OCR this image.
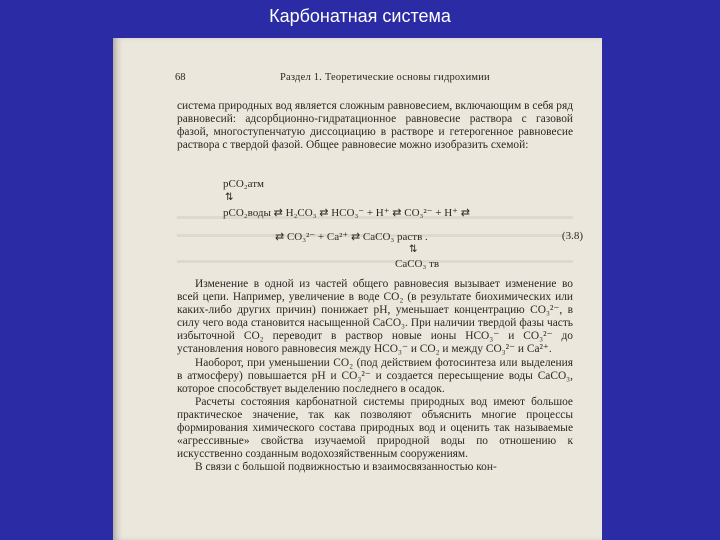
Карбонатная система
68	Раздел 1. Теоретические основы гидрохимии

системa природных вод является сложным равновесием, включающим в себя ряд равновесий: адсорбционно-гидратационное равновесие раствора с газовой фазой, многоступенчатую диссоциацию в растворе и гетерогенное равновесие раствора с твердой фазой. Общее равновесие можно изобразить схемой:

pCO₂атм
⇅
pCO₂воды ⇄ H₂CO₃ ⇄ HCO₃⁻ + H⁺ ⇄ CO₃²⁻ + H⁺ ⇄
⇄ CO₃²⁻ + Ca²⁺ ⇄ CaCO₃ раств .
⇅
CaCO₃ тв
(3.8)

Изменение в одной из частей общего равновесия вызывает изменение во всей цепи. Например, увеличение в воде CO₂ (в результате биохимических или каких-либо других причин) понижает pH, уменьшает концентрацию CO₃²⁻, в силу чего вода становится насыщенной CaCO₃. При наличии твердой фазы часть избыточной CO₂ переводит в раствор новые ионы HCO₃⁻ и CO₃²⁻ до установления нового равновесия между HCO₃⁻ и CO₂ и между CO₃²⁻ и Ca²⁺.

Наоборот, при уменьшении CO₂ (под действием фотосинтеза или выделения в атмосферу) повышается pH и CO₃²⁻ и создается пересыщение воды CaCO₃, которое способствует выделению последнего в осадок.

Расчеты состояния карбонатной системы природных вод имеют большое практическое значение, так как позволяют объяснить многие процессы формирования химического состава природных вод и оценить так называемые «агрессивные» свойства изучаемой природной воды по отношению к искусственно созданным водохозяйственным сооружениям.

В связи с большой подвижностью и взаимосвязанностью кон-
